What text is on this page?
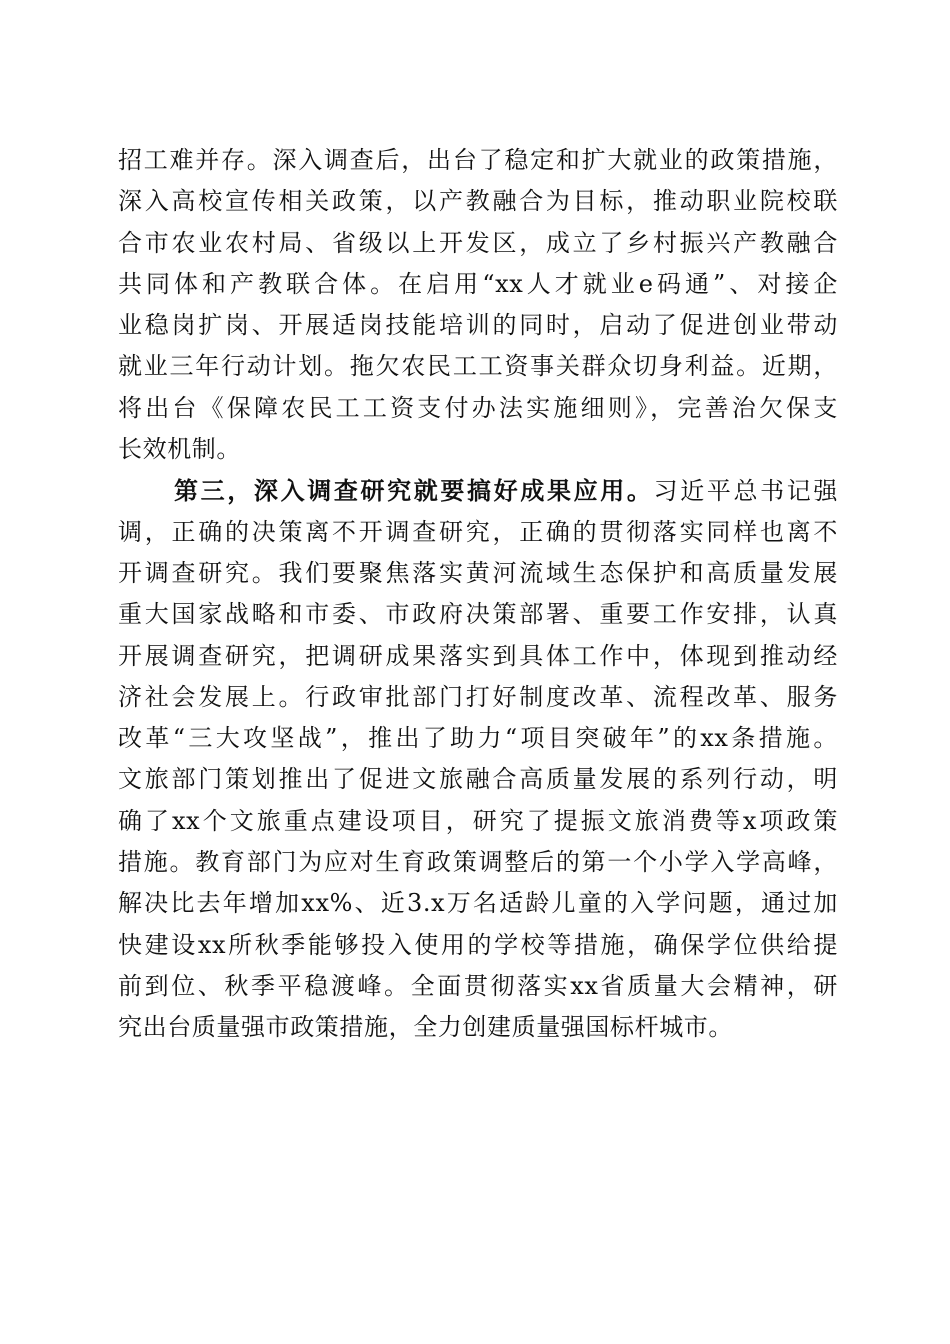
招工难并存。深入调查后，出台了稳定和扩大就业的政策措施，
深入高校宣传相关政策，以产教融合为目标，推动职业院校联
合市农业农村局、省级以上开发区，成立了乡村振兴产教融合
共同体和产教联合体。在启用“xx人才就业e码通”、对接企
业稳岗扩岗、开展适岗技能培训的同时，启动了促进创业带动
就业三年行动计划。拖欠农民工工资事关群众切身利益。近期，
将出台《保障农民工工资支付办法实施细则》，完善治欠保支
长效机制。
第三，深入调查研究就要搞好成果应用。习近平总书记强
调，正确的决策离不开调查研究，正确的贯彻落实同样也离不
开调查研究。我们要聚焦落实黄河流域生态保护和高质量发展
重大国家战略和市委、市政府决策部署、重要工作安排，认真
开展调查研究，把调研成果落实到具体工作中，体现到推动经
济社会发展上。行政审批部门打好制度改革、流程改革、服务
改革“三大攻坚战”，推出了助力“项目突破年”的xx条措施。
文旅部门策划推出了促进文旅融合高质量发展的系列行动，明
确了xx个文旅重点建设项目，研究了提振文旅消费等x项政策
措施。教育部门为应对生育政策调整后的第一个小学入学高峰，
解决比去年增加xx%、近3.x万名适龄儿童的入学问题，通过加
快建设xx所秋季能够投入使用的学校等措施，确保学位供给提
前到位、秋季平稳渡峰。全面贯彻落实xx省质量大会精神，研
究出台质量强市政策措施，全力创建质量强国标杆城市。
